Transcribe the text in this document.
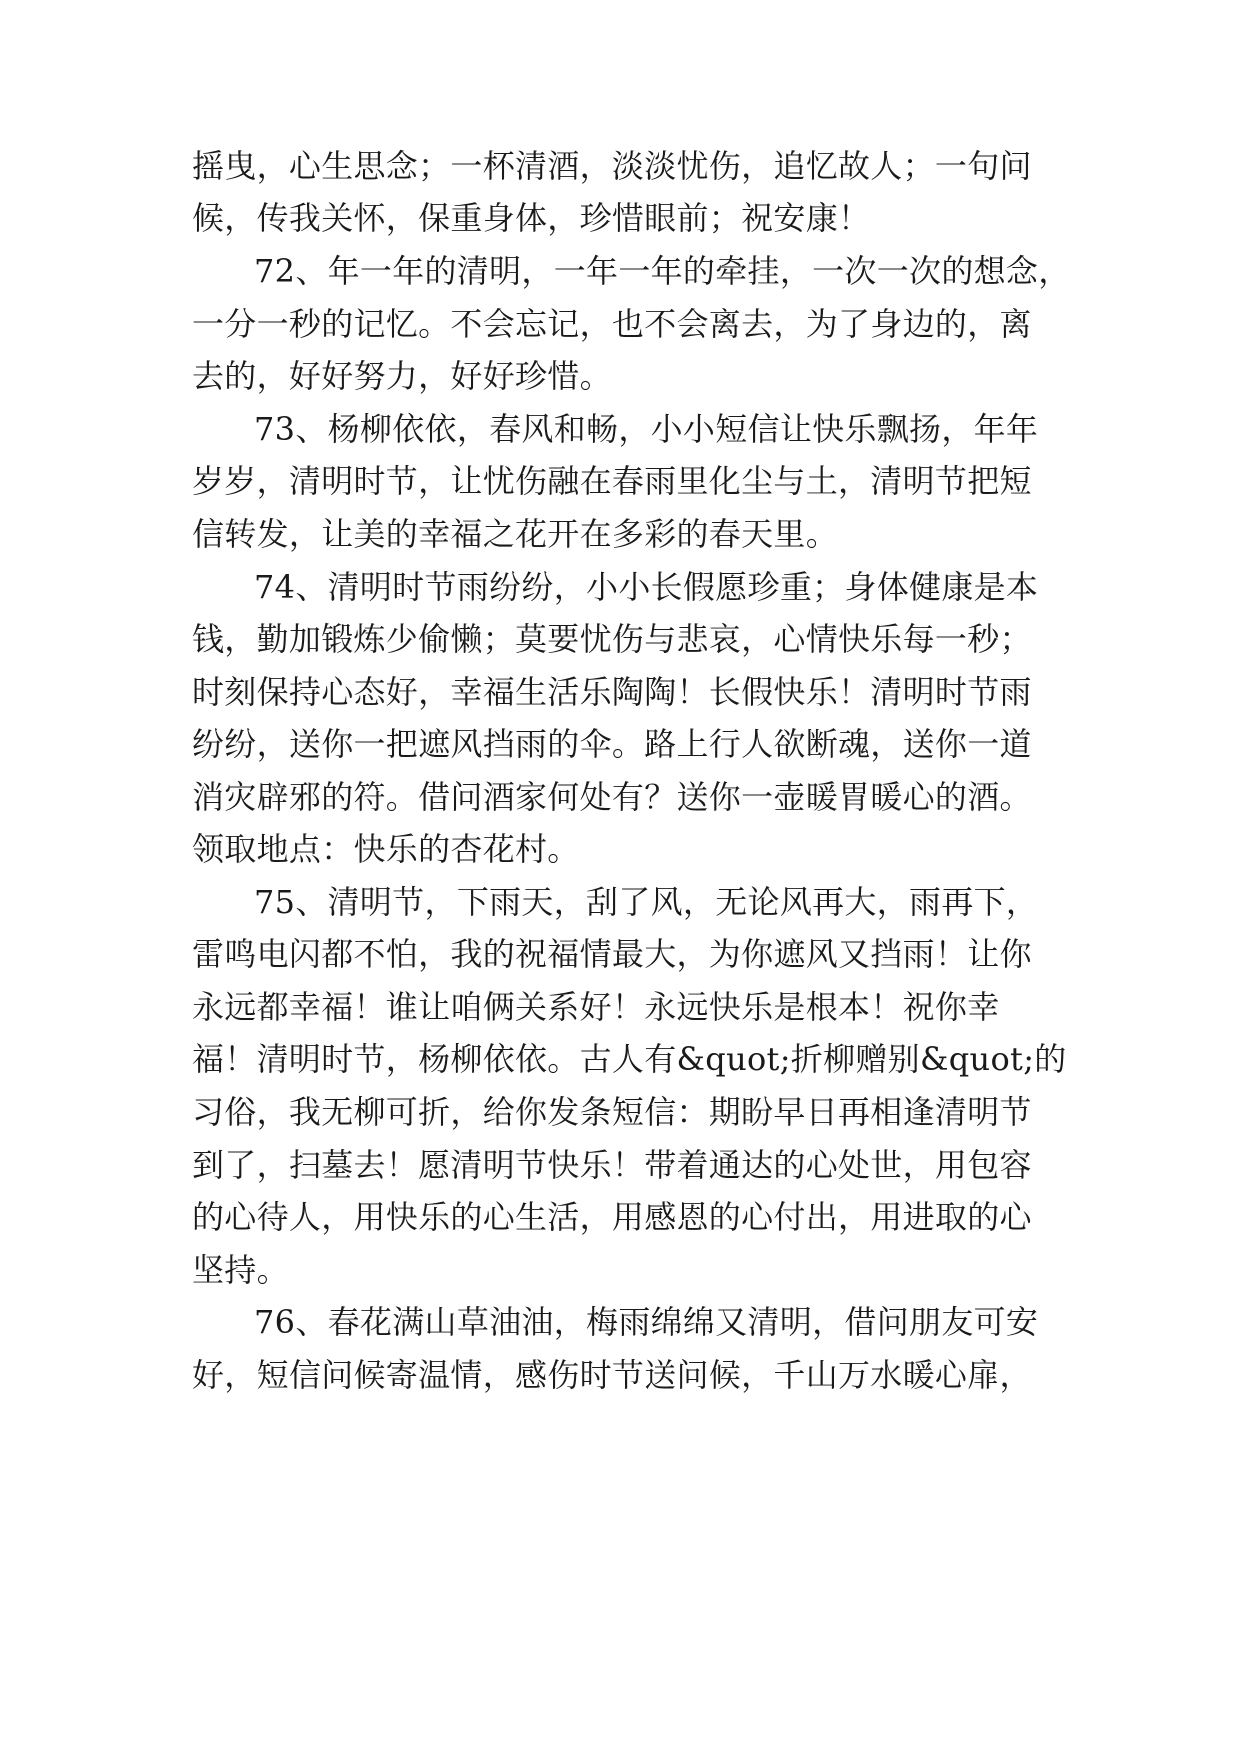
摇曳，心生思念；一杯清酒，淡淡忧伤，追忆故人；一句问
候，传我关怀，保重身体，珍惜眼前；祝安康！
72、年一年的清明，一年一年的牵挂，一次一次的想念，
一分一秒的记忆。不会忘记，也不会离去，为了身边的，离
去的，好好努力，好好珍惜。
73、杨柳依依，春风和畅，小小短信让快乐飘扬，年年
岁岁，清明时节，让忧伤融在春雨里化尘与土，清明节把短
信转发，让美的幸福之花开在多彩的春天里。
74、清明时节雨纷纷，小小长假愿珍重；身体健康是本
钱，勤加锻炼少偷懒；莫要忧伤与悲哀，心情快乐每一秒；
时刻保持心态好，幸福生活乐陶陶！长假快乐！清明时节雨
纷纷，送你一把遮风挡雨的伞。路上行人欲断魂，送你一道
消灾辟邪的符。借问酒家何处有？送你一壶暖胃暖心的酒。
领取地点：快乐的杏花村。
75、清明节，下雨天，刮了风，无论风再大，雨再下，
雷鸣电闪都不怕，我的祝福情最大，为你遮风又挡雨！让你
永远都幸福！谁让咱俩关系好！永远快乐是根本！祝你幸
福！清明时节，杨柳依依。古人有&quot;折柳赠别&quot;的
习俗，我无柳可折，给你发条短信：期盼早日再相逢清明节
到了，扫墓去！愿清明节快乐！带着通达的心处世，用包容
的心待人，用快乐的心生活，用感恩的心付出，用进取的心
坚持。
76、春花满山草油油，梅雨绵绵又清明，借问朋友可安
好，短信问候寄温情，感伤时节送问候，千山万水暖心扉，
